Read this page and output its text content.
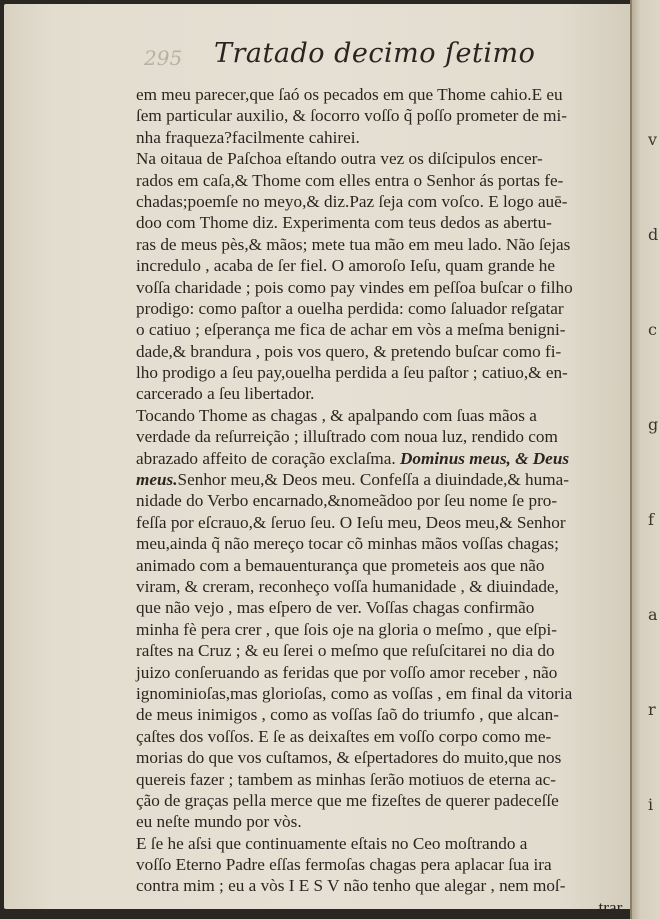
295 Tratado decimo ſetimo
em meu parecer,que ſaó os pecados em que Thome cahio.E eu
ſem particular auxilio, & ſocorro voſſo q̃ poſſo prometer de mi-
nha fraqueza?facilmente cahirei.
Na oitaua de Paſchoa eſtando outra vez os diſcipulos encer-
rados em caſa,& Thome com elles entra o Senhor ás portas fe-
chadas;poemſe no meyo,& diz.Paz ſeja com voſco. E logo auē-
doo com Thome diz. Experimenta com teus dedos as abertu-
ras de meus pès,& mãos; mete tua mão em meu lado. Não ſejas
incredulo , acaba de ſer fiel. O amoroſo Ieſu, quam grande he
voſſa charidade ; pois como pay vindes em peſſoa buſcar o filho
prodigo: como paſtor a ouelha perdida: como ſaluador reſgatar
o catiuo ; eſperança me fica de achar em vòs a meſma benigni-
dade,& brandura , pois vos quero, & pretendo buſcar como fi-
lho prodigo a ſeu pay,ouelha perdida a ſeu paſtor ; catiuo,& en-
carcerado a ſeu libertador.
Tocando Thome as chagas , & apalpando com ſuas mãos a
verdade da reſurreição ; illuſtrado com noua luz, rendido com
abrazado affeito de coração exclaſma. Dominus meus, & Deus
meus.Senhor meu,& Deos meu. Confeſſa a diuindade,& huma-
nidade do Verbo encarnado,&nomeãdoo por ſeu nome ſe pro-
feſſa por eſcrauo,& ſeruo ſeu. O Ieſu meu, Deos meu,& Senhor
meu,ainda q̃ não mereço tocar cõ minhas mãos voſſas chagas;
animado com a bemauenturança que prometeis aos que não
viram, & creram, reconheço voſſa humanidade , & diuindade,
que não vejo , mas eſpero de ver. Voſſas chagas confirmão
minha fè pera crer , que ſois oje na gloria o meſmo , que eſpi-
raſtes na Cruz ; & eu ſerei o meſmo que reſuſcitarei no dia do
juizo conſeruando as feridas que por voſſo amor receber , não
ignominioſas,mas glorioſas, como as voſſas , em final da vitoria
de meus inimigos , como as voſſas ſaõ do triumfo , que alcan-
çaſtes dos voſſos. E ſe as deixaſtes em voſſo corpo como me-
morias do que vos cuſtamos, & eſpertadores do muito,que nos
quereis fazer ; tambem as minhas ſerão motiuos de eterna ac-
ção de graças pella merce que me fizeſtes de querer padeceſſe
eu neſte mundo por vòs.
E ſe he aſsi que continuamente eſtais no Ceo moſtrando a
voſſo Eterno Padre eſſas fermoſas chagas pera aplacar ſua ira
contra mim ; eu a vòs I E S V não tenho que alegar , nem moſ-
trar,
v
d
c
g
f
a
r
i
